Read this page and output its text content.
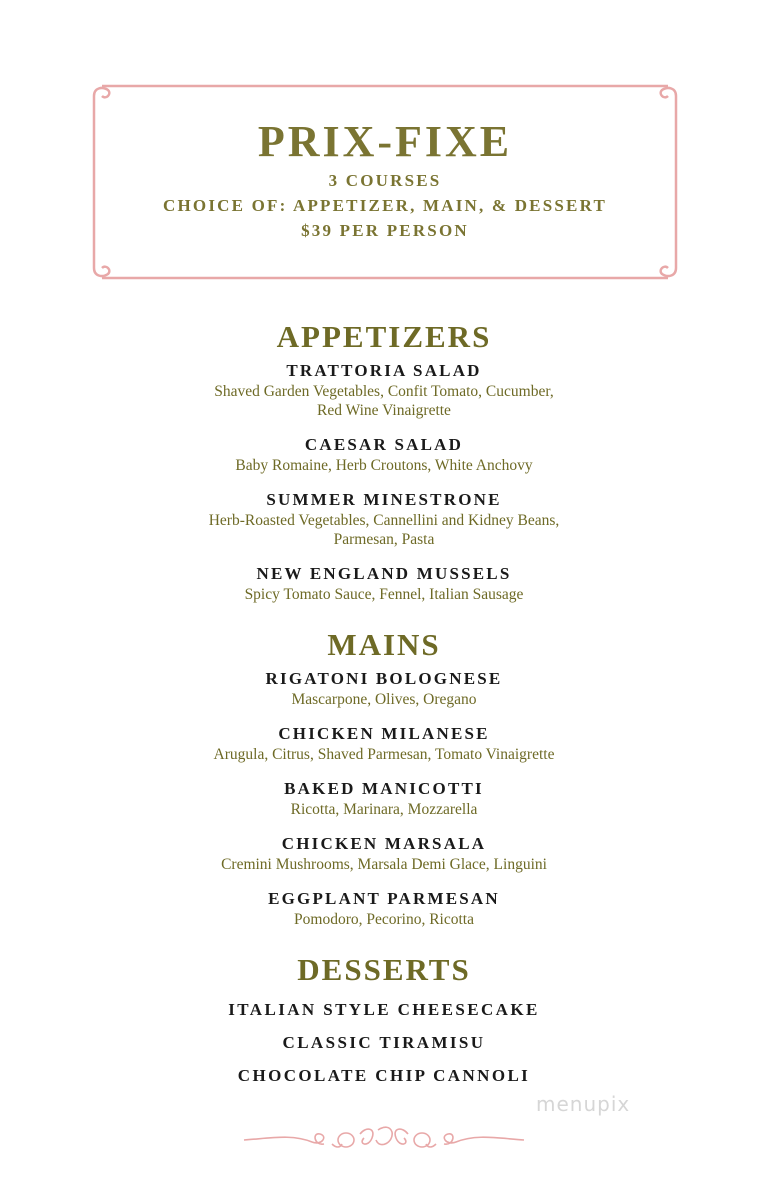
PRIX-FIXE
3 COURSES
CHOICE OF: APPETIZER, MAIN, & DESSERT
$39 PER PERSON
APPETIZERS
TRATTORIA SALAD
Shaved Garden Vegetables, Confit Tomato, Cucumber,
Red Wine Vinaigrette
CAESAR SALAD
Baby Romaine, Herb Croutons, White Anchovy
SUMMER MINESTRONE
Herb-Roasted Vegetables, Cannellini and Kidney Beans,
Parmesan, Pasta
NEW ENGLAND MUSSELS
Spicy Tomato Sauce, Fennel, Italian Sausage
MAINS
RIGATONI BOLOGNESE
Mascarpone, Olives, Oregano
CHICKEN MILANESE
Arugula, Citrus, Shaved Parmesan, Tomato Vinaigrette
BAKED MANICOTTI
Ricotta, Marinara, Mozzarella
CHICKEN MARSALA
Cremini Mushrooms, Marsala Demi Glace, Linguini
EGGPLANT PARMESAN
Pomodoro, Pecorino, Ricotta
DESSERTS
ITALIAN STYLE CHEESECAKE
CLASSIC TIRAMISU
CHOCOLATE CHIP CANNOLI
menupix
